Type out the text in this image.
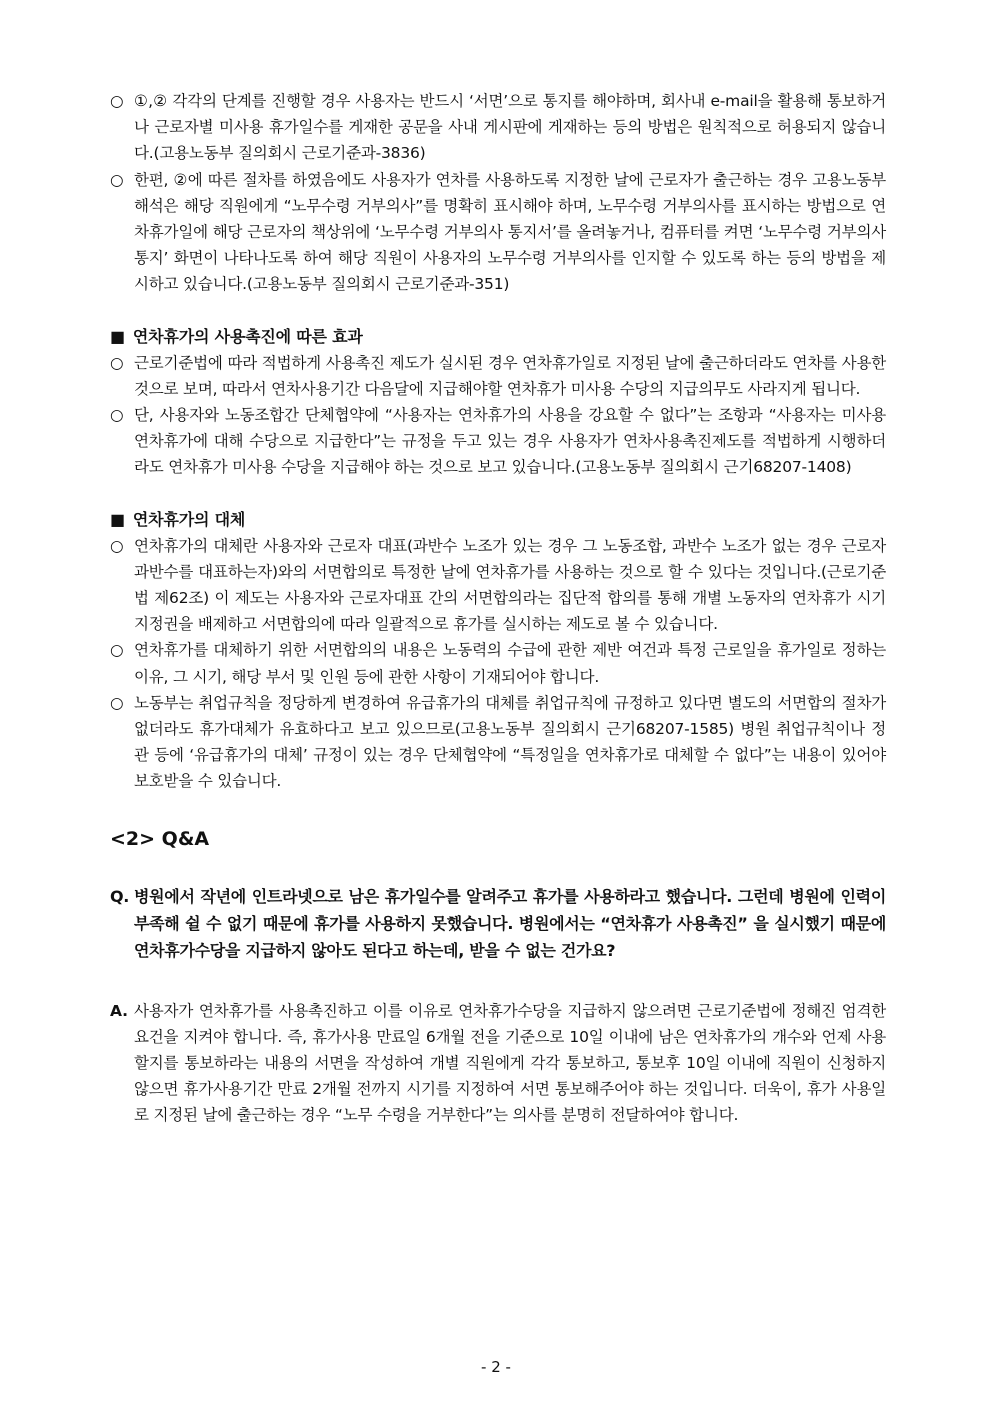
○ ①,② 각각의 단계를 진행할 경우 사용자는 반드시 ‘서면’으로 통지를 해야하며, 회사내 e-mail을 활용해 통보하거나 근로자별 미사용 휴가일수를 게재한 공문을 사내 게시판에 게재하는 등의 방법은 원칙적으로 허용되지 않습니다.(고용노동부 질의회시 근로기준과-3836)
○ 한편, ②에 따른 절차를 하였음에도 사용자가 연차를 사용하도록 지정한 날에 근로자가 출근하는 경우 고용노동부 해석은 해당 직원에게 “노무수령 거부의사”를 명확히 표시해야 하며, 노무수령 거부의사를 표시하는 방법으로 연차휴가일에 해당 근로자의 책상위에 ‘노무수령 거부의사 통지서’를 올려놓거나, 컴퓨터를 켜면 ‘노무수령 거부의사 통지’ 화면이 나타나도록 하여 해당 직원이 사용자의 노무수령 거부의사를 인지할 수 있도록 하는 등의 방법을 제시하고 있습니다.(고용노동부 질의회시 근로기준과-351)
■ 연차휴가의 사용촉진에 따른 효과
○ 근로기준법에 따라 적법하게 사용촉진 제도가 실시된 경우 연차휴가일로 지정된 날에 출근하더라도 연차를 사용한 것으로 보며, 따라서 연차사용기간 다음달에 지급해야할 연차휴가 미사용 수당의 지급의무도 사라지게 됩니다.
○ 단, 사용자와 노동조합간 단체협약에 “사용자는 연차휴가의 사용을 강요할 수 없다”는 조항과 “사용자는 미사용 연차휴가에 대해 수당으로 지급한다”는 규정을 두고 있는 경우 사용자가 연차사용촉진제도를 적법하게 시행하더라도 연차휴가 미사용 수당을 지급해야 하는 것으로 보고 있습니다.(고용노동부 질의회시 근기68207-1408)
■ 연차휴가의 대체
○ 연차휴가의 대체란 사용자와 근로자 대표(과반수 노조가 있는 경우 그 노동조합, 과반수 노조가 없는 경우 근로자 과반수를 대표하는자)와의 서면합의로 특정한 날에 연차휴가를 사용하는 것으로 할 수 있다는 것입니다.(근로기준법 제62조) 이 제도는 사용자와 근로자대표 간의 서면합의라는 집단적 합의를 통해 개별 노동자의 연차휴가 시기지정권을 배제하고 서면합의에 따라 일괄적으로 휴가를 실시하는 제도로 볼 수 있습니다.
○ 연차휴가를 대체하기 위한 서면합의의 내용은 노동력의 수급에 관한 제반 여건과 특정 근로일을 휴가일로 정하는 이유, 그 시기, 해당 부서 및 인원 등에 관한 사항이 기재되어야 합니다.
○ 노동부는 취업규칙을 정당하게 변경하여 유급휴가의 대체를 취업규칙에 규정하고 있다면 별도의 서면합의 절차가 없더라도 휴가대체가 유효하다고 보고 있으므로(고용노동부 질의회시 근기68207-1585) 병원 취업규칙이나 정관 등에 ‘유급휴가의 대체’ 규정이 있는 경우 단체협약에 “특정일을 연차휴가로 대체할 수 없다”는 내용이 있어야 보호받을 수 있습니다.
<2> Q&A
Q. 병원에서 작년에 인트라넷으로 남은 휴가일수를 알려주고 휴가를 사용하라고 했습니다. 그런데 병원에 인력이 부족해 쉴 수 없기 때문에 휴가를 사용하지 못했습니다. 병원에서는 “연차휴가 사용촉진” 을 실시했기 때문에 연차휴가수당을 지급하지 않아도 된다고 하는데, 받을 수 없는 건가요?
A. 사용자가 연차휴가를 사용촉진하고 이를 이유로 연차휴가수당을 지급하지 않으려면 근로기준법에 정해진 엄격한 요건을 지켜야 합니다. 즉, 휴가사용 만료일 6개월 전을 기준으로 10일 이내에 남은 연차휴가의 개수와 언제 사용할지를 통보하라는 내용의 서면을 작성하여 개별 직원에게 각각 통보하고, 통보후 10일 이내에 직원이 신청하지 않으면 휴가사용기간 만료 2개월 전까지 시기를 지정하여 서면 통보해주어야 하는 것입니다. 더욱이, 휴가 사용일로 지정된 날에 출근하는 경우 “노무 수령을 거부한다”는 의사를 분명히 전달하여야 합니다.
- 2 -
